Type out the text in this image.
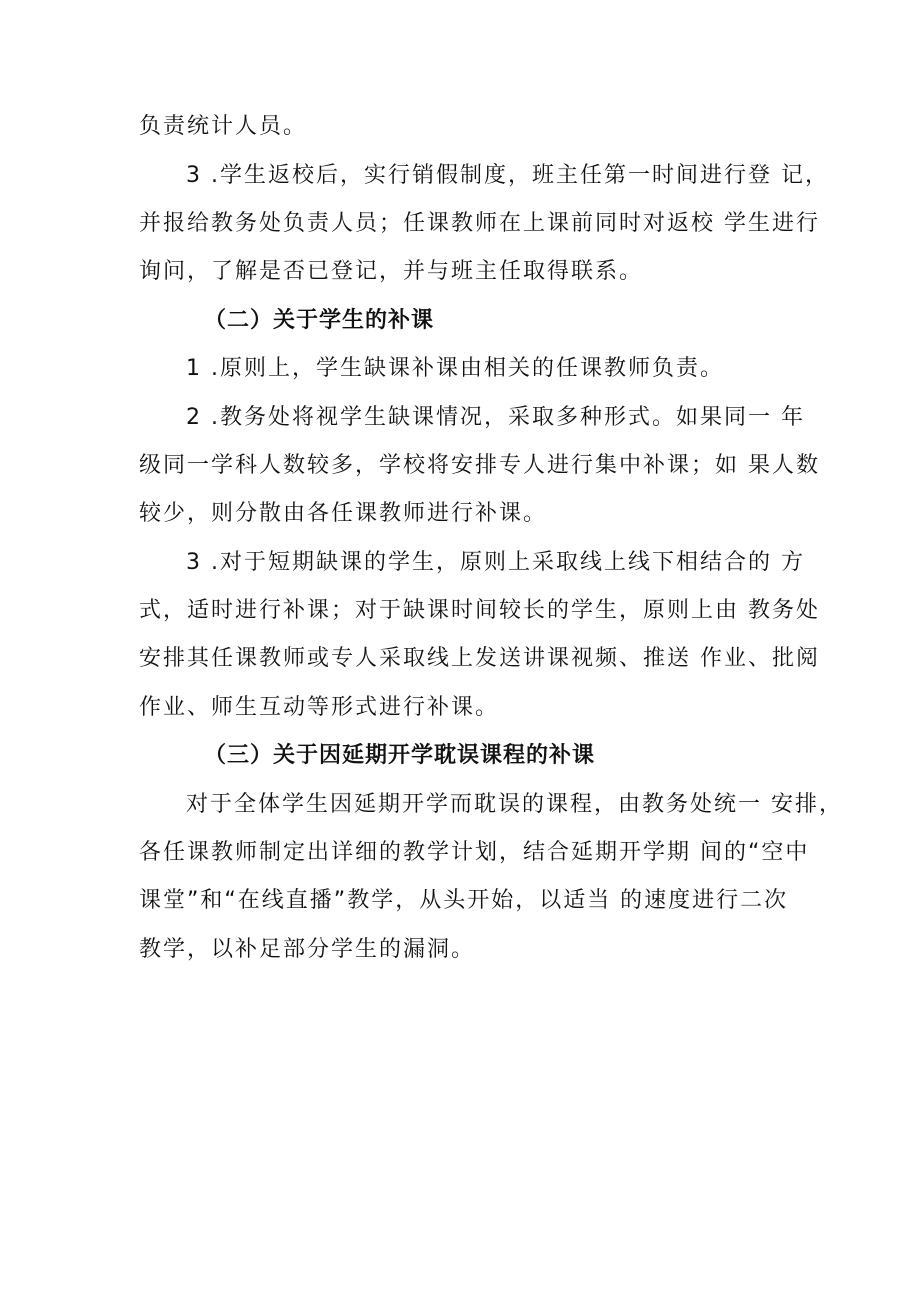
负责统计人员。
3 .学生返校后，实行销假制度，班主任第一时间进行登 记，
并报给教务处负责人员；任课教师在上课前同时对返校 学生进行
询问，了解是否已登记，并与班主任取得联系。
（二）关于学生的补课
1 .原则上，学生缺课补课由相关的任课教师负责。
2 .教务处将视学生缺课情况，采取多种形式。如果同一 年
级同一学科人数较多，学校将安排专人进行集中补课；如 果人数
较少，则分散由各任课教师进行补课。
3 .对于短期缺课的学生，原则上采取线上线下相结合的 方
式，适时进行补课；对于缺课时间较长的学生，原则上由 教务处
安排其任课教师或专人采取线上发送讲课视频、推送 作业、批阅
作业、师生互动等形式进行补课。
（三）关于因延期开学耽误课程的补课
对于全体学生因延期开学而耽误的课程，由教务处统一 安排，
各任课教师制定出详细的教学计划，结合延期开学期 间的“空中
课堂”和“在线直播”教学，从头开始，以适当 的速度进行二次
教学，以补足部分学生的漏洞。
